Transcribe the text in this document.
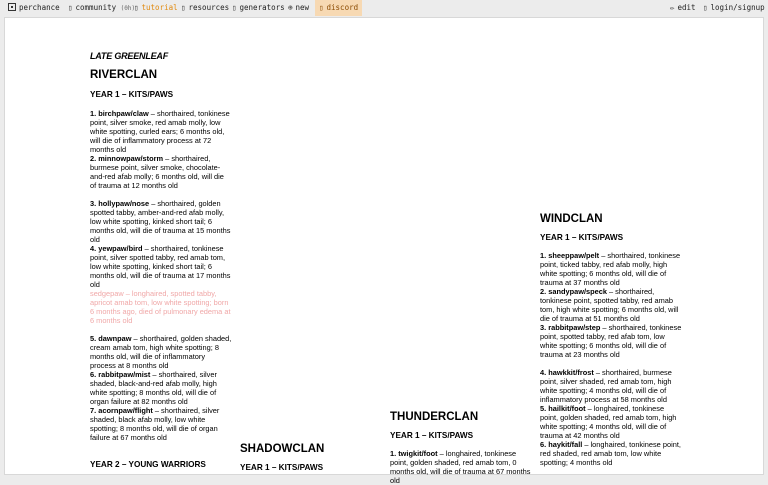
perchance ▯ community (0h)
▯ tutorial ▯ resources ▯ generators ⊕ new	▯ discord	✏ edit ▯ login/signup
LATE GREENLEAF
RIVERCLAN
YEAR 1 – KITS/PAWS
1. birchpaw/claw – shorthaired, tonkinese point, silver smoke, red amab molly, low white spotting, curled ears; 6 months old, will die of inflammatory process at 72 months old
2. minnowpaw/storm – shorthaired, burmese point, silver smoke, chocolate-and-red afab molly; 6 months old, will die of trauma at 12 months old
3. hollypaw/nose – shorthaired, golden spotted tabby, amber-and-red afab molly, low white spotting, kinked short tail; 6 months old, will die of trauma at 15 months old
4. yewpaw/bird – shorthaired, tonkinese point, silver spotted tabby, red amab tom, low white spotting, kinked short tail; 6 months old, will die of trauma at 17 months old
sedgepaw – longhaired, spotted tabby, apricot amab tom, low white spotting; born 6 months ago, died of pulmonary edema at 6 months old
5. dawnpaw – shorthaired, golden shaded, cream amab tom, high white spotting; 8 months old, will die of inflammatory process at 8 months old
6. rabbitpaw/mist – shorthaired, silver shaded, black-and-red afab molly, high white spotting; 8 months old, will die of organ failure at 82 months old
7. acornpaw/flight – shorthaired, silver shaded, black afab molly, low white spotting; 8 months old, will die of organ failure at 67 months old
YEAR 2 – YOUNG WARRIORS
SHADOWCLAN
YEAR 1 – KITS/PAWS
THUNDERCLAN
YEAR 1 – KITS/PAWS
1. twigkit/foot – longhaired, tonkinese point, golden shaded, red amab tom, 0 months old, will die of trauma at 67 months old
WINDCLAN
YEAR 1 – KITS/PAWS
1. sheeppaw/pelt – shorthaired, tonkinese point, ticked tabby, red afab molly, high white spotting; 6 months old, will die of trauma at 37 months old
2. sandypaw/speck – shorthaired, tonkinese point, spotted tabby, red amab tom, high white spotting; 6 months old, will die of trauma at 51 months old
3. rabbitpaw/step – shorthaired, tonkinese point, spotted tabby, red afab tom, low white spotting; 6 months old, will die of trauma at 23 months old
4. hawkkit/frost – shorthaired, burmese point, silver shaded, red amab tom, high white spotting; 4 months old, will die of inflammatory process at 58 months old
5. hailkit/foot – longhaired, tonkinese point, golden shaded, red amab tom, high white spotting; 4 months old, will die of trauma at 42 months old
6. haykit/fall – longhaired, tonkinese point, red shaded, red amab tom, low white spotting; 4 months old
